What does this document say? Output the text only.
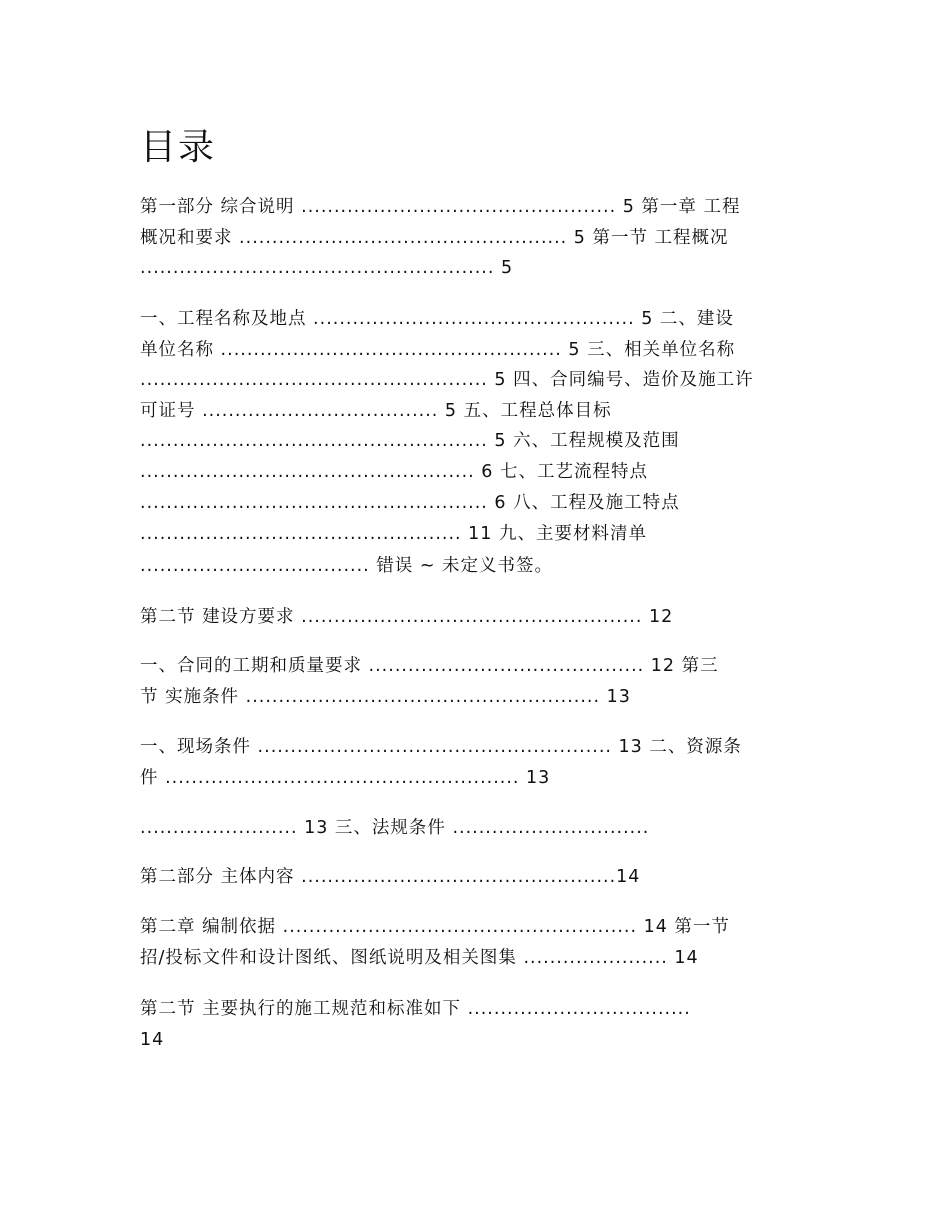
目录
第一部分 综合说明 ................................................ 5 第一章 工程
概况和要求 .................................................. 5 第一节 工程概况
...................................................... 5
一、工程名称及地点 ................................................. 5 二、建设
单位名称 .................................................... 5 三、相关单位名称
..................................................... 5 四、合同编号、造价及施工许
可证号 .................................... 5 五、工程总体目标
..................................................... 5 六、工程规模及范围
................................................... 6 七、工艺流程特点
..................................................... 6 八、工程及施工特点
................................................. 11 九、主要材料清单
................................... 错误 ~ 未定义书签。
第二节 建设方要求 .................................................... 12
一、合同的工期和质量要求 .......................................... 12 第三
节 实施条件 ...................................................... 13
一、现场条件 ...................................................... 13 二、资源条
件 ...................................................... 13
........................ 13 三、法规条件 ..............................
第二部分 主体内容 ................................................14
第二章 编制依据 ...................................................... 14 第一节
招/投标文件和设计图纸、图纸说明及相关图集 ...................... 14
第二节 主要执行的施工规范和标准如下 ..................................
14
